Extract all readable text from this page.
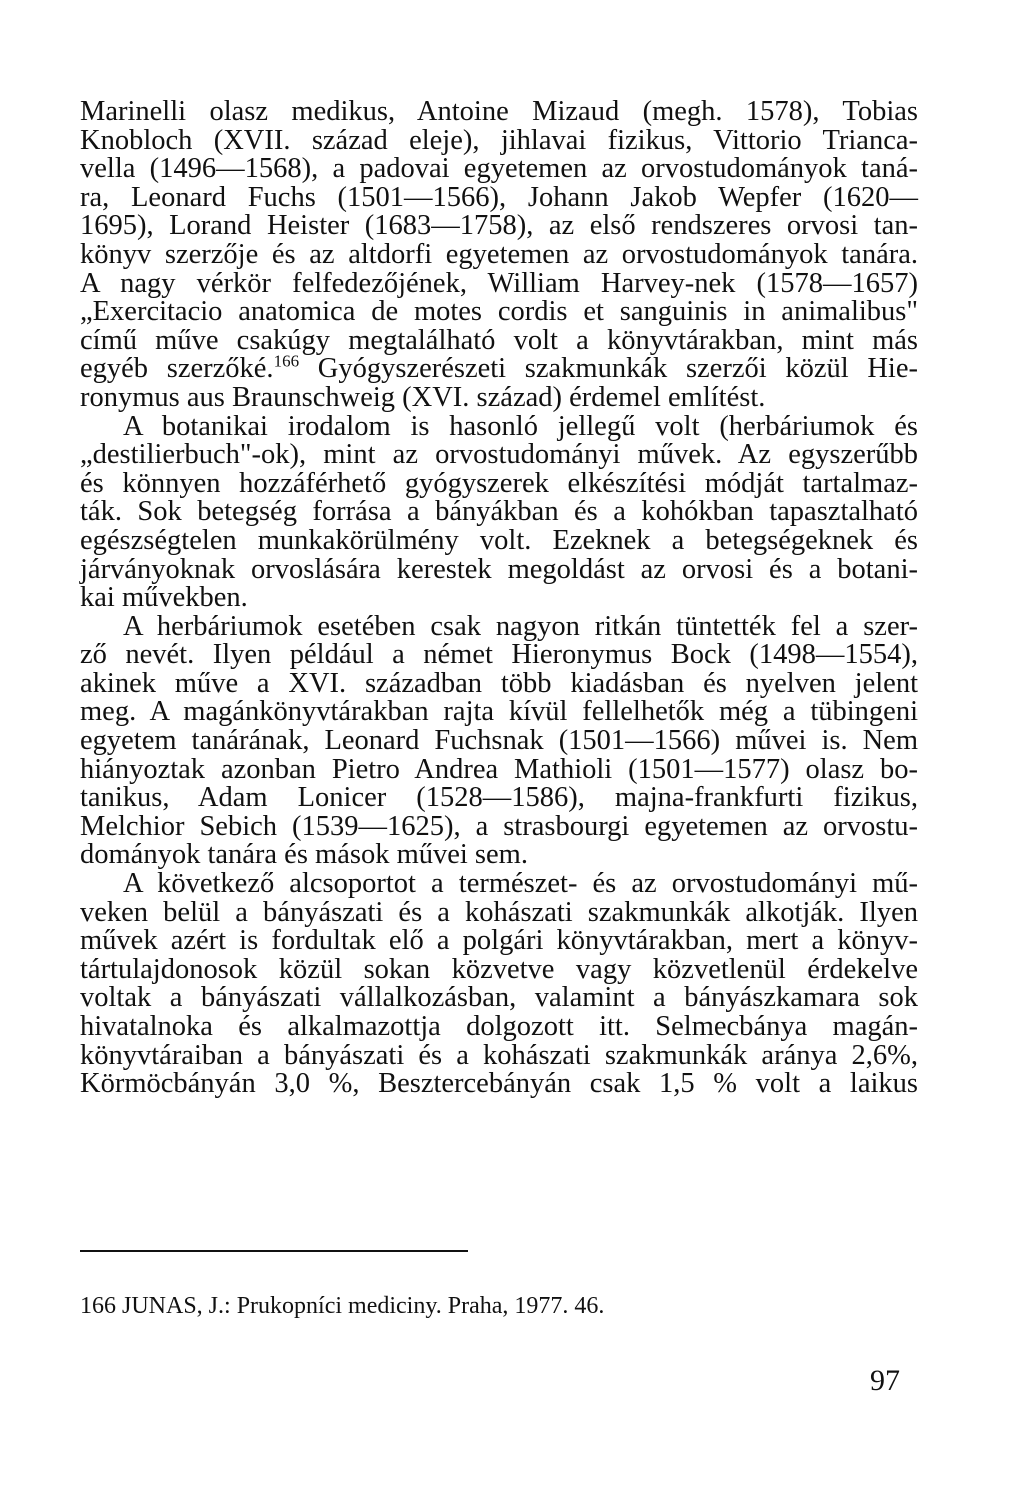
Marinelli olasz medikus, Antoine Mizaud (megh. 1578), Tobias
Knobloch (XVII. század eleje), jihlavai fizikus, Vittorio Trianca-
vella (1496—1568), a padovai egyetemen az orvostudományok taná-
ra, Leonard Fuchs (1501—1566), Johann Jakob Wepfer (1620—
1695), Lorand Heister (1683—1758), az első rendszeres orvosi tan-
könyv szerzője és az altdorfi egyetemen az orvostudományok tanára.
A nagy vérkör felfedezőjének, William Harvey-nek (1578—1657)
„Exercitacio anatomica de motes cordis et sanguinis in animalibus"
című műve csakúgy megtalálható volt a könyvtárakban, mint más
egyéb szerzőké.$^{166}$ Gyógyszerészeti szakmunkák szerzői közül Hie-
ronymus aus Braunschweig (XVI. század) érdemel említést.
A botanikai irodalom is hasonló jellegű volt (herbáriumok és
„destilierbuch"-ok), mint az orvostudományi művek. Az egyszerűbb
és könnyen hozzáférhető gyógyszerek elkészítési módját tartalmaz-
ták. Sok betegség forrása a bányákban és a kohókban tapasztalható
egészségtelen munkakörülmény volt. Ezeknek a betegségeknek és
járványoknak orvoslására kerestek megoldást az orvosi és a botani-
kai művekben.
A herbáriumok esetében csak nagyon ritkán tüntették fel a szer-
ző nevét. Ilyen például a német Hieronymus Bock (1498—1554),
akinek műve a XVI. században több kiadásban és nyelven jelent
meg. A magánkönyvtárakban rajta kívül fellelhetők még a tübingeni
egyetem tanárának, Leonard Fuchsnak (1501—1566) művei is. Nem
hiányoztak azonban Pietro Andrea Mathioli (1501—1577) olasz bo-
tanikus, Adam Lonicer (1528—1586), majna-frankfurti fizikus,
Melchior Sebich (1539—1625), a strasbourgi egyetemen az orvostu-
dományok tanára és mások művei sem.
A következő alcsoportot a természet- és az orvostudományi mű-
veken belül a bányászati és a kohászati szakmunkák alkotják. Ilyen
művek azért is fordultak elő a polgári könyvtárakban, mert a könyv-
tártulajdonosok közül sokan közvetve vagy közvetlenül érdekelve
voltak a bányászati vállalkozásban, valamint a bányászkamara sok
hivatalnoka és alkalmazottja dolgozott itt. Selmecbánya magán-
könyvtáraiban a bányászati és a kohászati szakmunkák aránya 2,6%,
Körmöcbányán 3,0 %, Besztercebányán csak 1,5 % volt a laikus
166 JUNAS, J.: Prukopníci mediciny. Praha, 1977. 46.
97
